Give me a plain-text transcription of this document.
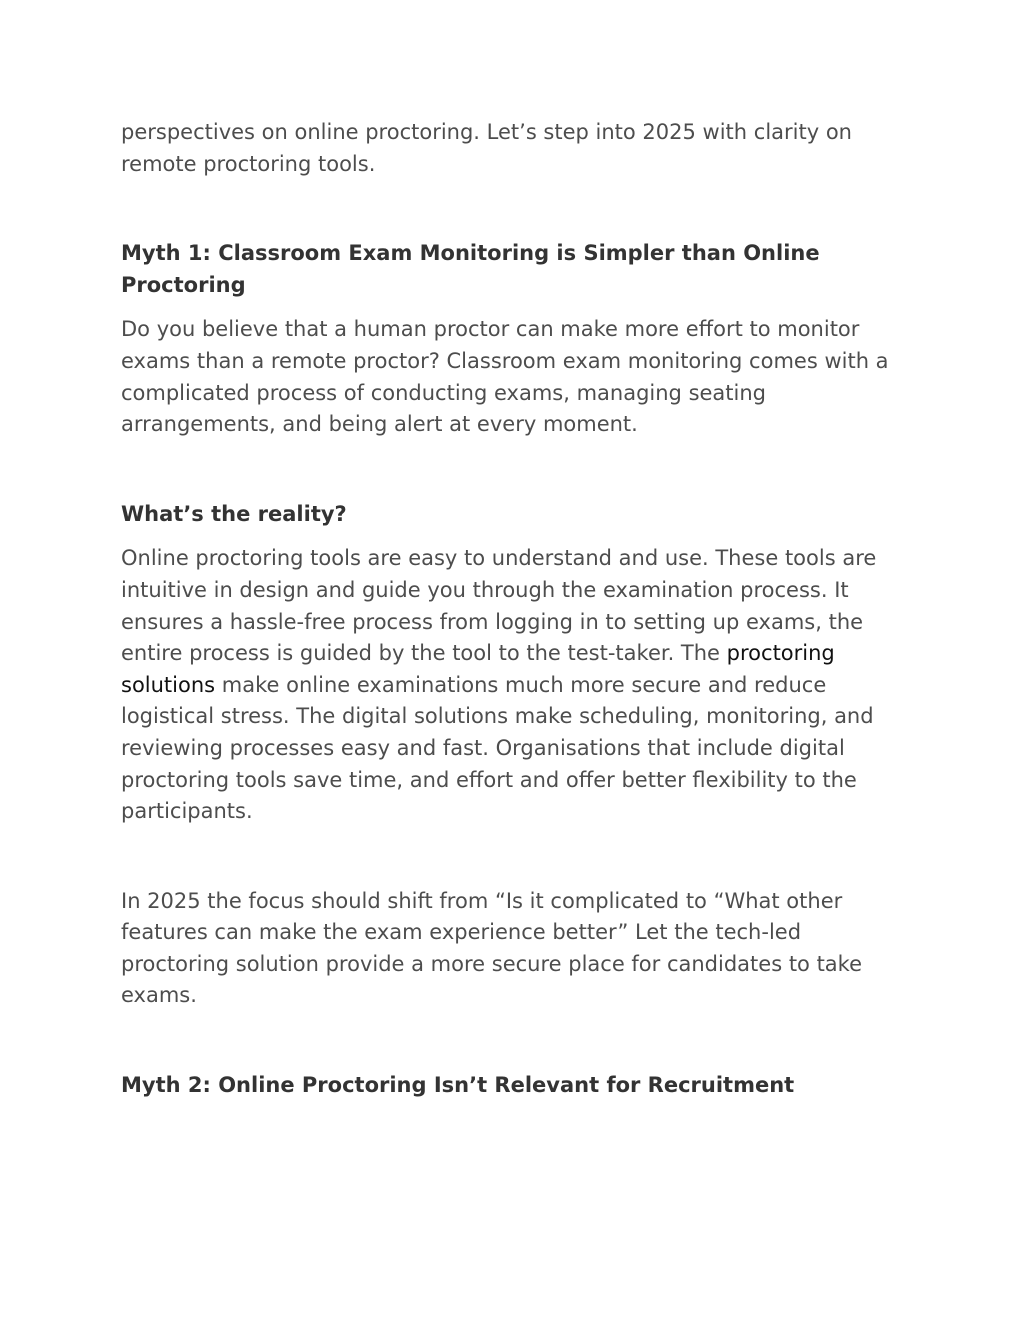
perspectives on online proctoring. Let’s step into 2025 with clarity on remote proctoring tools.

Myth 1: Classroom Exam Monitoring is Simpler than Online Proctoring

Do you believe that a human proctor can make more effort to monitor exams than a remote proctor? Classroom exam monitoring comes with a complicated process of conducting exams, managing seating arrangements, and being alert at every moment.

What’s the reality?

Online proctoring tools are easy to understand and use. These tools are intuitive in design and guide you through the examination process. It ensures a hassle-free process from logging in to setting up exams, the entire process is guided by the tool to the test-taker. The proctoring solutions make online examinations much more secure and reduce logistical stress. The digital solutions make scheduling, monitoring, and reviewing processes easy and fast. Organisations that include digital proctoring tools save time, and effort and offer better flexibility to the participants.

In 2025 the focus should shift from “Is it complicated to “What other features can make the exam experience better” Let the tech-led proctoring solution provide a more secure place for candidates to take exams.

Myth 2: Online Proctoring Isn’t Relevant for Recruitment
